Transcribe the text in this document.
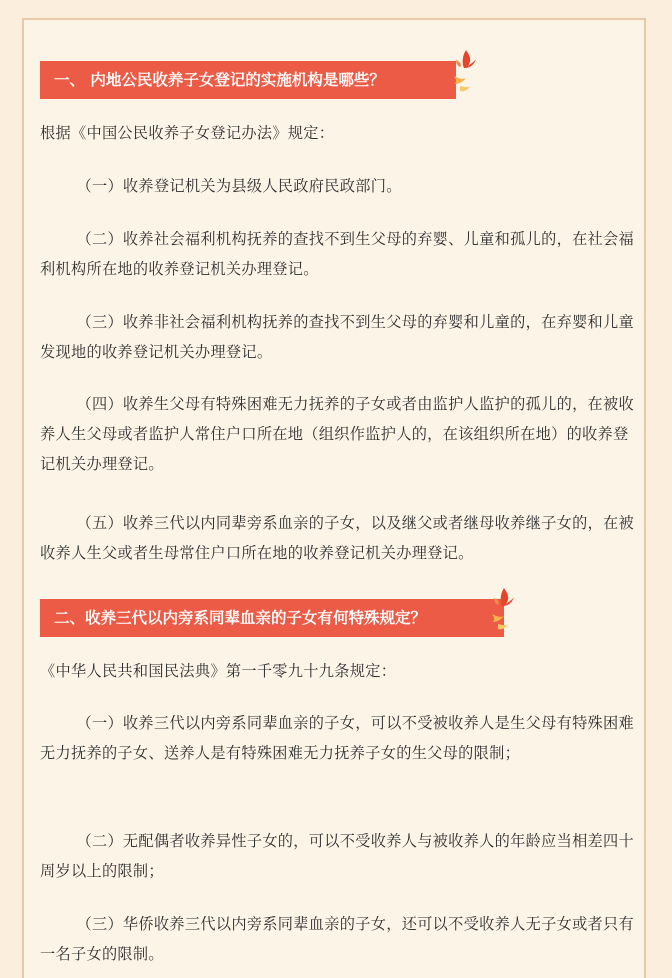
一、 内地公民收养子女登记的实施机构是哪些？

根据《中国公民收养子女登记办法》规定：

（一）收养登记机关为县级人民政府民政部门。

（二）收养社会福利机构抚养的查找不到生父母的弃婴、儿童和孤儿的，在社会福利机构所在地的收养登记机关办理登记。

（三）收养非社会福利机构抚养的查找不到生父母的弃婴和儿童的，在弃婴和儿童发现地的收养登记机关办理登记。

（四）收养生父母有特殊困难无力抚养的子女或者由监护人监护的孤儿的，在被收养人生父母或者监护人常住户口所在地（组织作监护人的，在该组织所在地）的收养登记机关办理登记。

（五）收养三代以内同辈旁系血亲的子女，以及继父或者继母收养继子女的，在被收养人生父或者生母常住户口所在地的收养登记机关办理登记。

二、收养三代以内旁系同辈血亲的子女有何特殊规定？

《中华人民共和国民法典》第一千零九十九条规定：

（一）收养三代以内旁系同辈血亲的子女，可以不受被收养人是生父母有特殊困难无力抚养的子女、送养人是有特殊困难无力抚养子女的生父母的限制；

（二）无配偶者收养异性子女的，可以不受收养人与被收养人的年龄应当相差四十周岁以上的限制；

（三）华侨收养三代以内旁系同辈血亲的子女，还可以不受收养人无子女或者只有一名子女的限制。
